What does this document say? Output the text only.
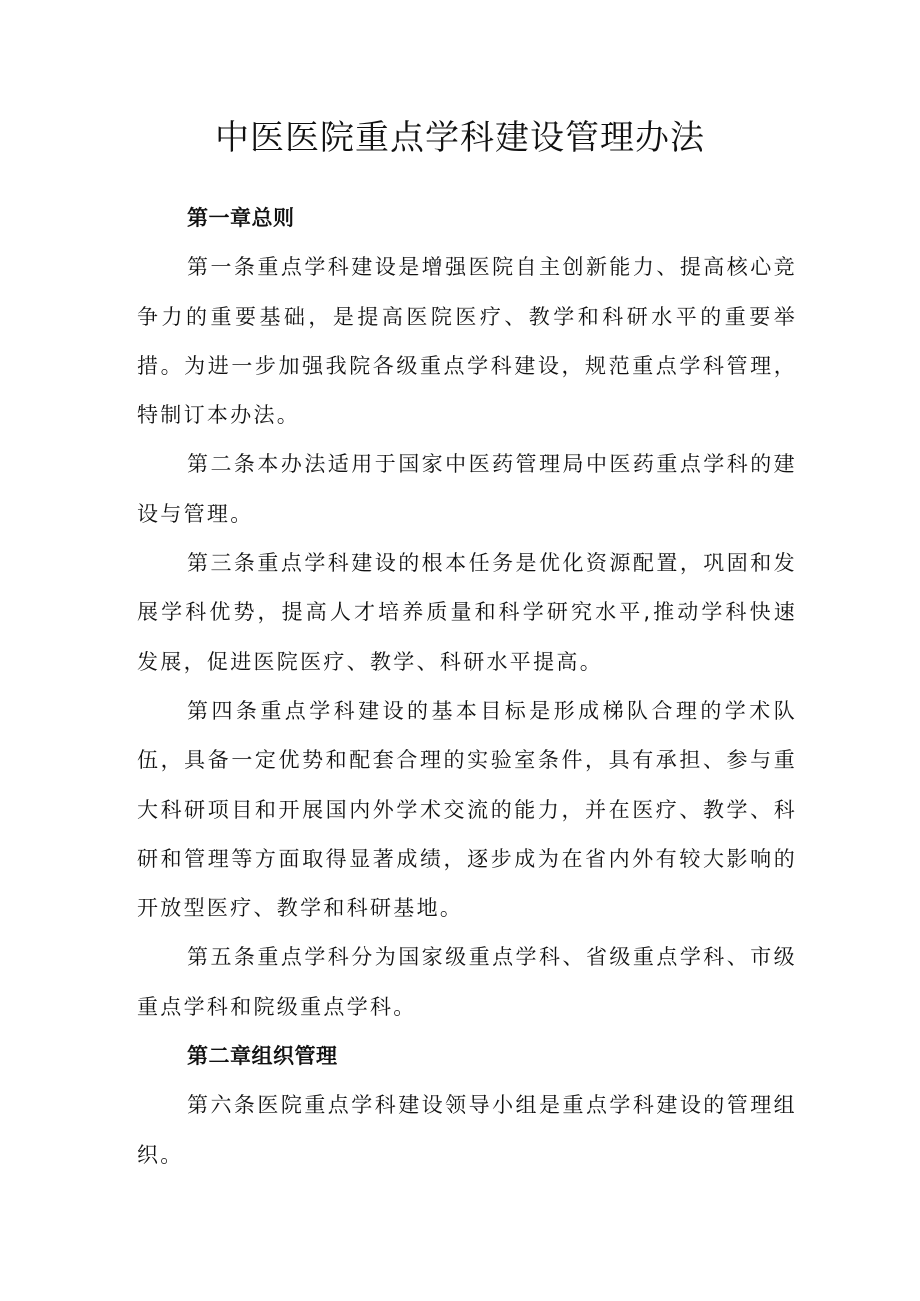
中医医院重点学科建设管理办法

第一章总则

第一条重点学科建设是增强医院自主创新能力、提高核心竞争力的重要基础，是提高医院医疗、教学和科研水平的重要举措。为进一步加强我院各级重点学科建设，规范重点学科管理，特制订本办法。

第二条本办法适用于国家中医药管理局中医药重点学科的建设与管理。

第三条重点学科建设的根本任务是优化资源配置，巩固和发展学科优势，提高人才培养质量和科学研究水平,推动学科快速发展，促进医院医疗、教学、科研水平提高。

第四条重点学科建设的基本目标是形成梯队合理的学术队伍，具备一定优势和配套合理的实验室条件，具有承担、参与重大科研项目和开展国内外学术交流的能力，并在医疗、教学、科研和管理等方面取得显著成绩，逐步成为在省内外有较大影响的开放型医疗、教学和科研基地。

第五条重点学科分为国家级重点学科、省级重点学科、市级重点学科和院级重点学科。

第二章组织管理

第六条医院重点学科建设领导小组是重点学科建设的管理组织。
